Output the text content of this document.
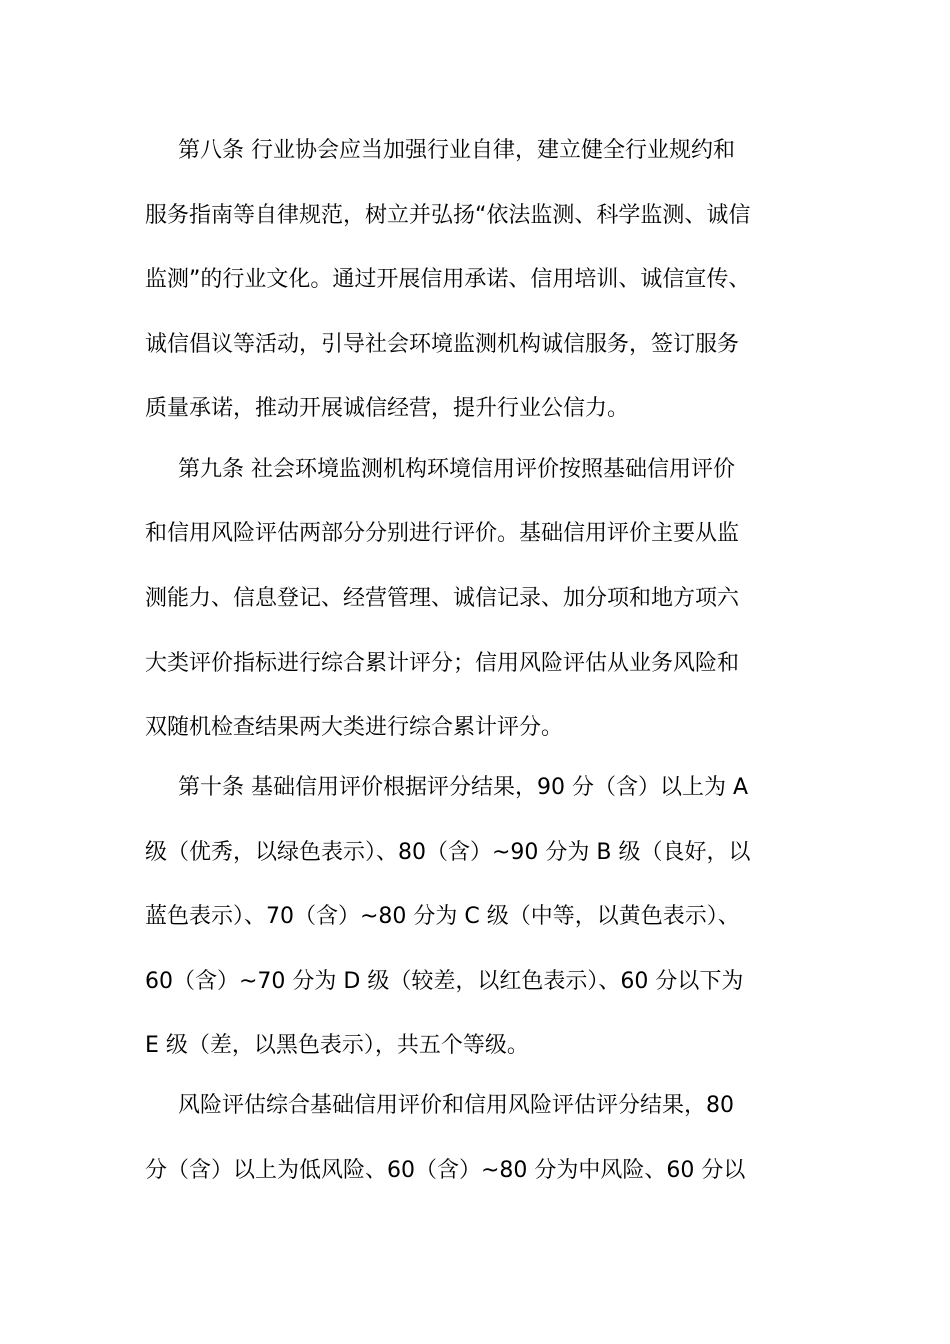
第八条 行业协会应当加强行业自律，建立健全行业规约和
服务指南等自律规范，树立并弘扬“依法监测、科学监测、诚信
监测”的行业文化。通过开展信用承诺、信用培训、诚信宣传、
诚信倡议等活动，引导社会环境监测机构诚信服务，签订服务
质量承诺，推动开展诚信经营，提升行业公信力。
第九条 社会环境监测机构环境信用评价按照基础信用评价
和信用风险评估两部分分别进行评价。基础信用评价主要从监
测能力、信息登记、经营管理、诚信记录、加分项和地方项六
大类评价指标进行综合累计评分；信用风险评估从业务风险和
双随机检查结果两大类进行综合累计评分。
第十条 基础信用评价根据评分结果，90 分（含）以上为 A
级（优秀，以绿色表示）、80（含）~90 分为 B 级（良好，以
蓝色表示）、70（含）~80 分为 C 级（中等，以黄色表示）、
60（含）~70 分为 D 级（较差，以红色表示）、60 分以下为
E 级（差，以黑色表示），共五个等级。
风险评估综合基础信用评价和信用风险评估评分结果，80
分（含）以上为低风险、60（含）~80 分为中风险、60 分以
